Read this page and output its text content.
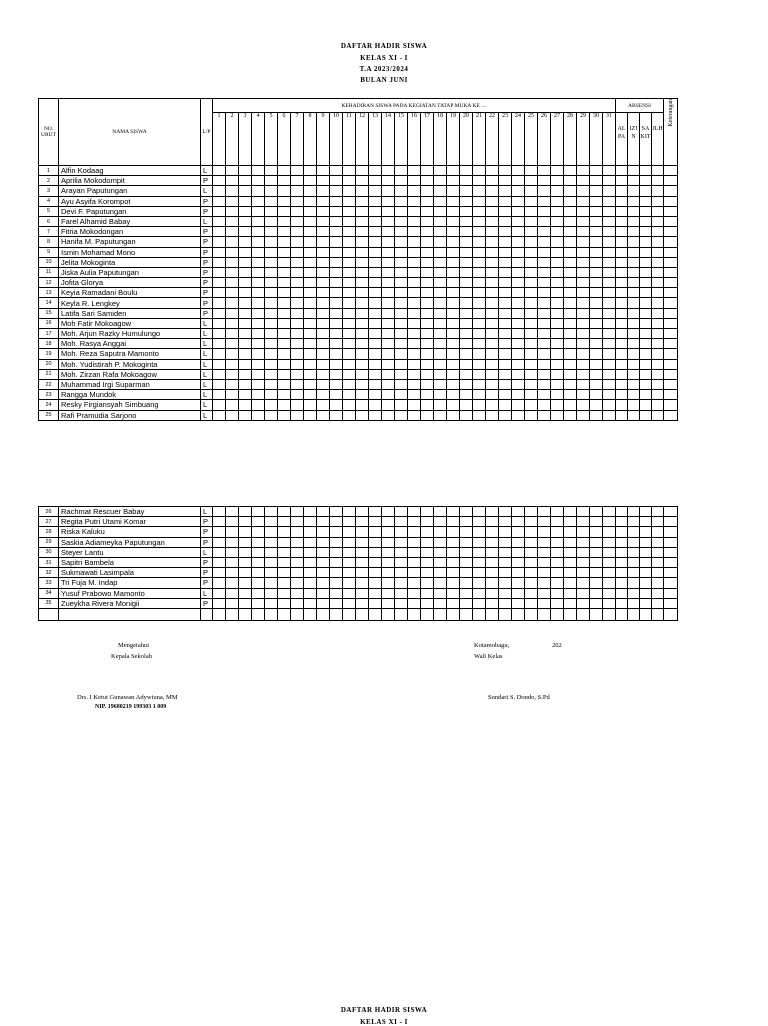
DAFTAR HADIR SISWA
KELAS XI - I
T.A 2023/2024
BULAN JUNI
NO. URUT	NAMA SISWA	L/P	KEHADIRAN SISWA PADA KEGIATAN TATAP MUKA KE ....																															ABSENSI				Keterangan
			1	2	3	4	5	6	7	8	9	10	11	12	13	14	15	16	17	18	19	20	21	22	23	24	25	26	27	28	29	30	31	ALPA	IZIN	SAKIT	JLH	
1	Alfin Kodaag	L																																				
2	Aprilia Mokodompit	P																																				
3	Arayan Paputungan	L																																				
4	Ayu Asyifa Korompot	P																																				
5	Devi F. Paputungan	P																																				
6	Farel Alhamid Babay	L																																				
7	Fitria Mokodongan	P																																				
8	Hanifa M. Paputungan	P																																				
9	Ismin Mohamad Mono	P																																				
10	Jelita Mokoginta	P																																				
11	Jiska Aulia Paputungan	P																																				
12	Jofita Glorya	P																																				
13	Keyia Ramadani Boulu	P																																				
14	Keyla R. Lengkey	P																																				
15	Latifa Sari Samiden	P																																				
16	Moh Fatir Mokoagow	L																																				
17	Moh. Arjun Razky Humulungo	L																																				
18	Moh. Rasya Anggai	L																																				
19	Moh. Reza Saputra Mamonto	L																																				
20	Moh. Yudistirah P. Mokoginta	L																																				
21	Moh. Zirzan Rafa Mokoagow	L																																				
22	Muhammad Irgi Suparman	L																																				
23	Rangga Mundok	L																																				
24	Resky Firgiansyah Simbuang	L																																				
25	Rafi Pramudia Sarjono	L																																				
26	Rachmat Rescuer Babay	L																																				
27	Regita Putri Utami Komar	P																																				
28	Riska Kaluku	P																																				
29	Saskia Adiameyka Paputungan	P																																				
30	Steyer Lantu	L																																				
31	Sapitri Bambela	P																																				
32	Sukmawati Lasimpala	P																																				
33	Tri Fuja M. Indap	P																																				
34	Yusuf Prabowo Mamonto	L																																				
35	Zueykha Rivera Monigii	P																																				

Mengetahui
Kepala Sekolah
Drs. I Ketut Gunawan Adywiuna, MM
NIP. 19680219 199303 1 009
Kotamobagu,	202
Wali Kelas
Sundari S. Dondo, S.Pd
DAFTAR HADIR SISWA
KELAS XI - I
